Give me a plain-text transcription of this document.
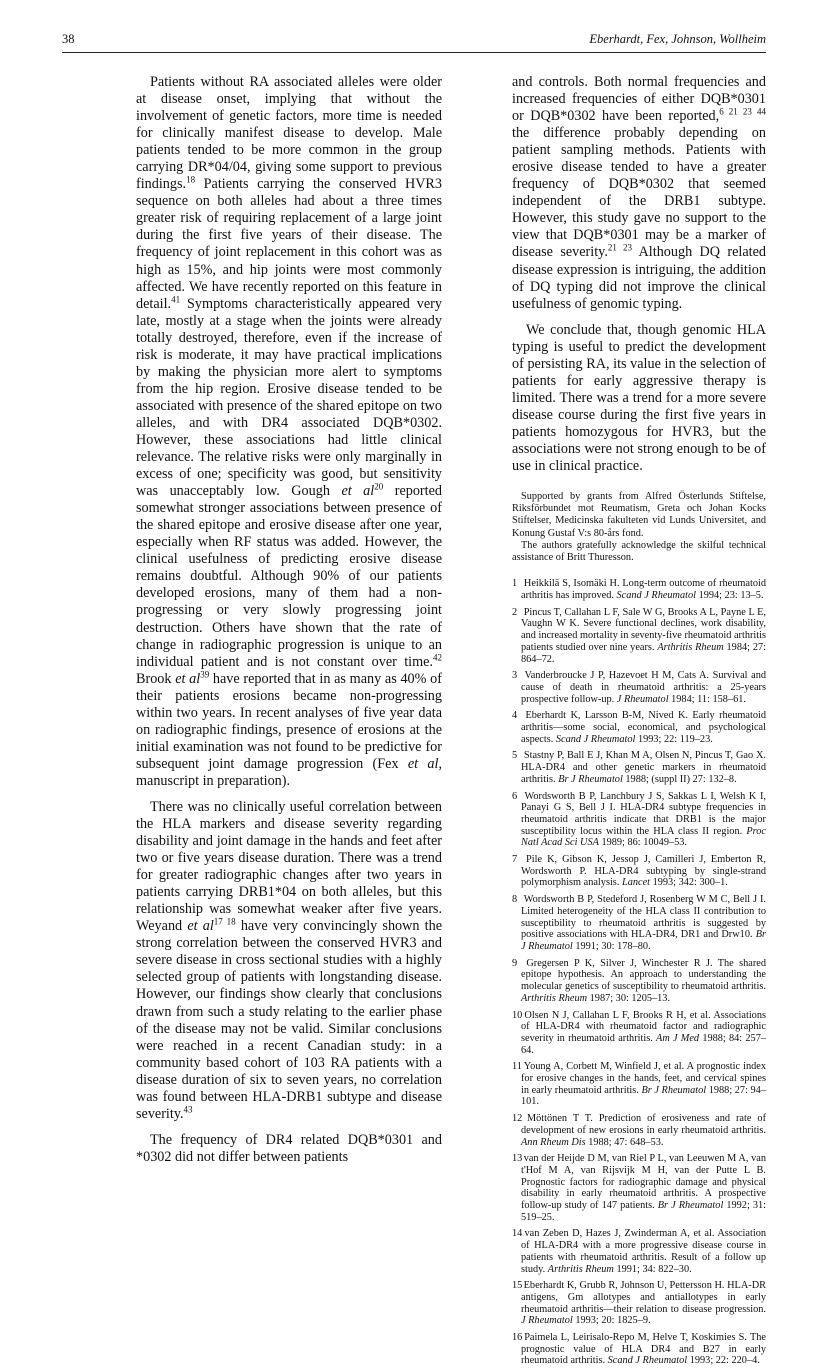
38	Eberhardt, Fex, Johnson, Wollheim

Patients without RA associated alleles were older at disease onset, implying that without the involvement of genetic factors, more time is needed for clinically manifest disease to develop. Male patients tended to be more common in the group carrying DR*04/04, giving some support to previous findings.$^{18}$ Patients carrying the conserved HVR3 sequence on both alleles had about a three times greater risk of requiring replacement of a large joint during the first five years of their disease. The frequency of joint replacement in this cohort was as high as 15%, and hip joints were most commonly affected. We have recently reported on this feature in detail.$^{41}$ Symptoms characteristically appeared very late, mostly at a stage when the joints were already totally destroyed, therefore, even if the increase of risk is moderate, it may have practical implications by making the physician more alert to symptoms from the hip region. Erosive disease tended to be associated with presence of the shared epitope on two alleles, and with DR4 associated DQB*0302. However, these associations had little clinical relevance. The relative risks were only marginally in excess of one; specificity was good, but sensitivity was unacceptably low. Gough et $al^{20}$ reported somewhat stronger associations between presence of the shared epitope and erosive disease after one year, especially when RF status was added. However, the clinical usefulness of predicting erosive disease remains doubtful. Although 90% of our patients developed erosions, many of them had a non-progressing or very slowly progressing joint destruction. Others have shown that the rate of change in radiographic progression is unique to an individual patient and is not constant over time.$^{42}$ Brook et $al^{39}$ have reported that in as many as 40% of their patients erosions became non-progressing within two years. In recent analyses of five year data on radiographic findings, presence of erosions at the initial examination was not found to be predictive for subsequent joint damage progression (Fex et al, manuscript in preparation).

There was no clinically useful correlation between the HLA markers and disease severity regarding disability and joint damage in the hands and feet after two or five years disease duration. There was a trend for greater radiographic changes after two years in patients carrying DRB1*04 on both alleles, but this relationship was somewhat weaker after five years. Weyand et $al^{17 18}$ have very convincingly shown the strong correlation between the conserved HVR3 and severe disease in cross sectional studies with a highly selected group of patients with longstanding disease. However, our findings show clearly that conclusions drawn from such a study relating to the earlier phase of the disease may not be valid. Similar conclusions were reached in a recent Canadian study: in a community based cohort of 103 RA patients with a disease duration of six to seven years, no correlation was found between HLA-DRB1 subtype and disease severity.$^{43}$

The frequency of DR4 related DQB*0301 and *0302 did not differ between patients

and controls. Both normal frequencies and increased frequencies of either DQB*0301 or DQB*0302 have been reported,$^{6 21 23 44}$ the difference probably depending on patient sampling methods. Patients with erosive disease tended to have a greater frequency of DQB*0302 that seemed independent of the DRB1 subtype. However, this study gave no support to the view that DQB*0301 may be a marker of disease severity.$^{21 23}$ Although DQ related disease expression is intriguing, the addition of DQ typing did not improve the clinical usefulness of genomic typing.

We conclude that, though genomic HLA typing is useful to predict the development of persisting RA, its value in the selection of patients for early aggressive therapy is limited. There was a trend for a more severe disease course during the first five years in patients homozygous for HVR3, but the associations were not strong enough to be of use in clinical practice.

Supported by grants from Alfred Österlunds Stiftelse, Riksförbundet mot Reumatism, Greta och Johan Kocks Stiftelser, Medicinska fakulteten vid Lunds Universitet, and Konung Gustaf V:s 80-års fond.

The authors gratefully acknowledge the skilful technical assistance of Britt Thuresson.

1 Heikkilä S, Isomäki H. Long-term outcome of rheumatoid arthritis has improved. Scand J Rheumatol 1994; 23: 13–5.
2 Pincus T, Callahan L F, Sale W G, Brooks A L, Payne L E, Vaughn W K. Severe functional declines, work disability, and increased mortality in seventy-five rheumatoid arthritis patients studied over nine years. Arthritis Rheum 1984; 27: 864–72.
3 Vanderbroucke J P, Hazevoet H M, Cats A. Survival and cause of death in rheumatoid arthritis: a 25-years prospective follow-up. J Rheumatol 1984; 11: 158–61.
4 Eberhardt K, Larsson B-M, Nived K. Early rheumatoid arthritis—some social, economical, and psychological aspects. Scand J Rheumatol 1993; 22: 119–23.
5 Stastny P, Ball E J, Khan M A, Olsen N, Pincus T, Gao X. HLA-DR4 and other genetic markers in rheumatoid arthritis. Br J Rheumatol 1988; (suppl II) 27: 132–8.
6 Wordsworth B P, Lanchbury J S, Sakkas L I, Welsh K I, Panayi G S, Bell J I. HLA-DR4 subtype frequencies in rheumatoid arthritis indicate that DRB1 is the major susceptibility locus within the HLA class II region. Proc Natl Acad Sci USA 1989; 86: 10049–53.
7 Pile K, Gibson K, Jessop J, Camilleri J, Emberton R, Wordsworth P. HLA-DR4 subtyping by single-strand polymorphism analysis. Lancet 1993; 342: 300–1.
8 Wordsworth B P, Stedeford J, Rosenberg W M C, Bell J I. Limited heterogeneity of the HLA class II contribution to susceptibility to rheumatoid arthritis is suggested by positive associations with HLA-DR4, DR1 and Drw10. Br J Rheumatol 1991; 30: 178–80.
9 Gregersen P K, Silver J, Winchester R J. The shared epitope hypothesis. An approach to understanding the molecular genetics of susceptibility to rheumatoid arthritis. Arthritis Rheum 1987; 30: 1205–13.
10 Olsen N J, Callahan L F, Brooks R H, et al. Associations of HLA-DR4 with rheumatoid factor and radiographic severity in rheumatoid arthritis. Am J Med 1988; 84: 257–64.
11 Young A, Corbett M, Winfield J, et al. A prognostic index for erosive changes in the hands, feet, and cervical spines in early rheumatoid arthritis. Br J Rheumatol 1988; 27: 94–101.
12 Möttönen T T. Prediction of erosiveness and rate of development of new erosions in early rheumatoid arthritis. Ann Rheum Dis 1988; 47: 648–53.
13 van der Heijde D M, van Riel P L, van Leeuwen M A, van t'Hof M A, van Rijsvijk M H, van der Putte L B. Prognostic factors for radiographic damage and physical disability in early rheumatoid arthritis. A prospective follow-up study of 147 patients. Br J Rheumatol 1992; 31: 519–25.
14 van Zeben D, Hazes J, Zwinderman A, et al. Association of HLA-DR4 with a more progressive disease course in patients with rheumatoid arthritis. Result of a follow up study. Arthritis Rheum 1991; 34: 822–30.
15 Eberhardt K, Grubb R, Johnson U, Pettersson H. HLA-DR antigens, Gm allotypes and antiallotypes in early rheumatoid arthritis—their relation to disease progression. J Rheumatol 1993; 20: 1825–9.
16 Paimela L, Leirisalo-Repo M, Helve T, Koskimies S. The prognostic value of HLA DR4 and B27 in early rheumatoid arthritis. Scand J Rheumatol 1993; 22: 220–4.
